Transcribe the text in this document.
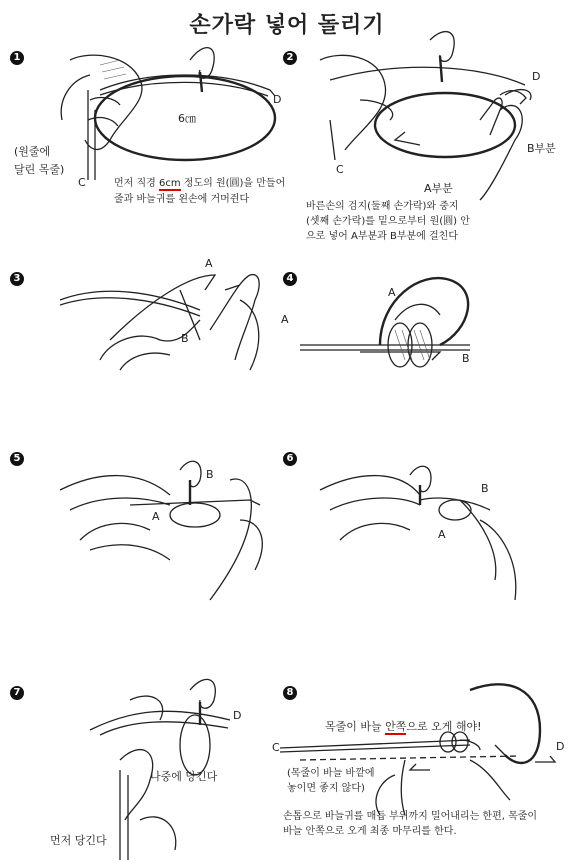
손가락 넣어 돌리기
1	2
3	4
5	6
7	8
D
6㎝
(원줄에
달린 목줄)
C	먼저 직경 6cm 정도의 원(圓)을 만들어
줄과 바늘귀를 왼손에 거머쥔다
D
B부분
C
A부분
바른손의 검지(둘째 손가락)와 중지
(셋째 손가락)를 밑으로부터 원(圓) 안
으로 넣어 A부분과 B부분에 걸친다
A
A
B
A
B
B
A
B
A
D
나중에 당긴다
먼저 당긴다
목줄이 바늘 안쪽으로 오게 해야!
C	D
(목줄이 바늘 바깥에
놓이면 좋지 않다)
손톱으로 바늘귀를 매듭 부위까지 밀어내리는 한편, 목줄이
바늘 안쪽으로 오게 최종 마무리를 한다.
